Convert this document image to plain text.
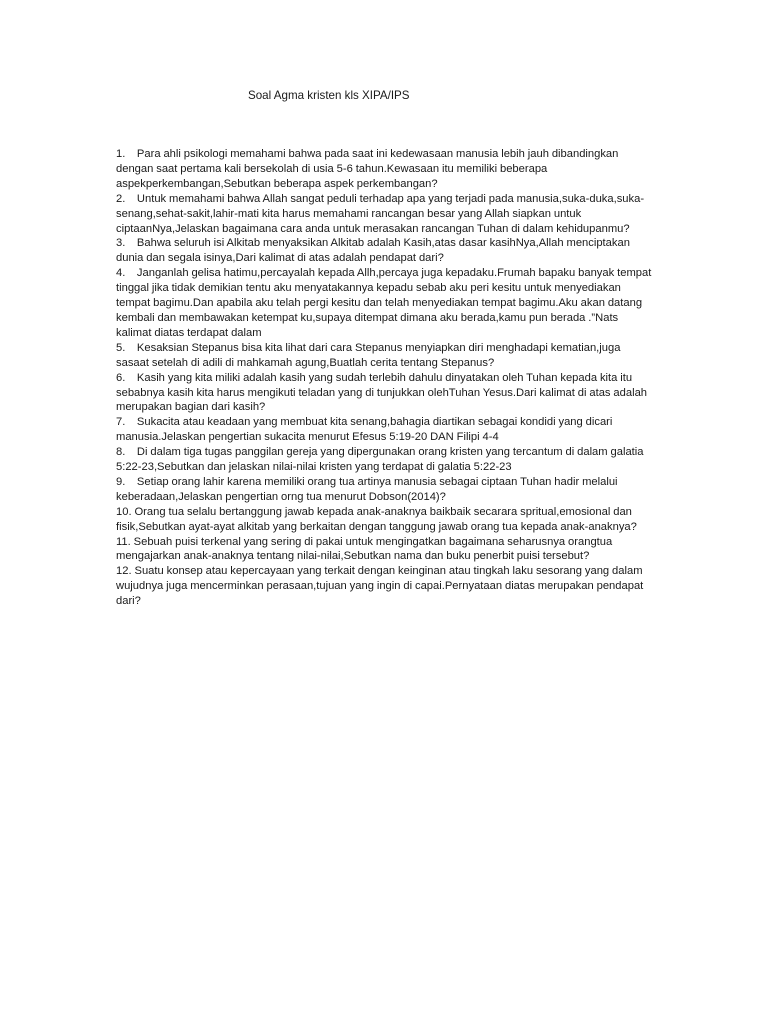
Soal Agma kristen kls XIPA/IPS
1. Para ahli psikologi memahami bahwa pada saat ini kedewasaan manusia lebih jauh dibandingkan dengan saat pertama kali bersekolah di usia 5-6 tahun.Kewasaan itu memiliki beberapa aspekperkembangan,Sebutkan beberapa aspek perkembangan?
2. Untuk memahami bahwa Allah sangat peduli terhadap apa yang terjadi pada manusia,suka-duka,suka-senang,sehat-sakit,lahir-mati kita harus memahami rancangan besar yang Allah siapkan untuk ciptaanNya,Jelaskan bagaimana cara anda untuk merasakan rancangan Tuhan di dalam kehidupanmu?
3. Bahwa seluruh isi Alkitab menyaksikan Alkitab adalah Kasih,atas dasar kasihNya,Allah menciptakan dunia dan segala isinya,Dari kalimat di atas adalah pendapat dari?
4. Janganlah gelisa hatimu,percayalah kepada Allh,percaya juga kepadaku.Frumah bapaku banyak tempat tinggal jika tidak demikian tentu aku menyatakannya kepadu sebab aku peri kesitu untuk menyediakan tempat bagimu.Dan apabila aku telah pergi kesitu dan telah menyediakan tempat bagimu.Aku akan datang kembali dan membawakan ketempat ku,supaya ditempat dimana aku berada,kamu pun berada .”Nats kalimat diatas terdapat dalam
5. Kesaksian Stepanus bisa kita lihat dari cara Stepanus menyiapkan diri menghadapi kematian,juga sasaat setelah di adili di mahkamah agung,Buatlah cerita tentang Stepanus?
6. Kasih yang kita miliki adalah kasih yang sudah terlebih dahulu dinyatakan oleh Tuhan kepada kita itu sebabnya kasih kita harus mengikuti teladan yang di tunjukkan olehTuhan Yesus.Dari kalimat di atas adalah merupakan bagian dari kasih?
7. Sukacita atau keadaan yang membuat kita senang,bahagia diartikan sebagai kondidi yang dicari manusia.Jelaskan pengertian sukacita menurut Efesus 5:19-20 DAN Filipi 4-4
8. Di dalam tiga tugas panggilan gereja yang dipergunakan orang kristen yang tercantum di dalam galatia 5:22-23,Sebutkan dan jelaskan nilai-nilai kristen yang terdapat di galatia 5:22-23
9. Setiap orang lahir karena memiliki orang tua artinya manusia sebagai ciptaan Tuhan hadir melalui keberadaan,Jelaskan pengertian orng tua menurut Dobson(2014)?
10. Orang tua selalu bertanggung jawab kepada anak-anaknya baikbaik secarara spritual,emosional dan fisik,Sebutkan ayat-ayat alkitab yang berkaitan dengan tanggung jawab orang tua kepada anak-anaknya?
11. Sebuah puisi terkenal yang sering di pakai untuk mengingatkan bagaimana seharusnya orangtua mengajarkan anak-anaknya tentang nilai-nilai,Sebutkan nama dan buku penerbit puisi tersebut?
12. Suatu konsep atau kepercayaan yang terkait dengan keinginan atau tingkah laku sesorang yang dalam wujudnya juga mencerminkan perasaan,tujuan yang ingin di capai.Pernyataan diatas merupakan pendapat dari?
